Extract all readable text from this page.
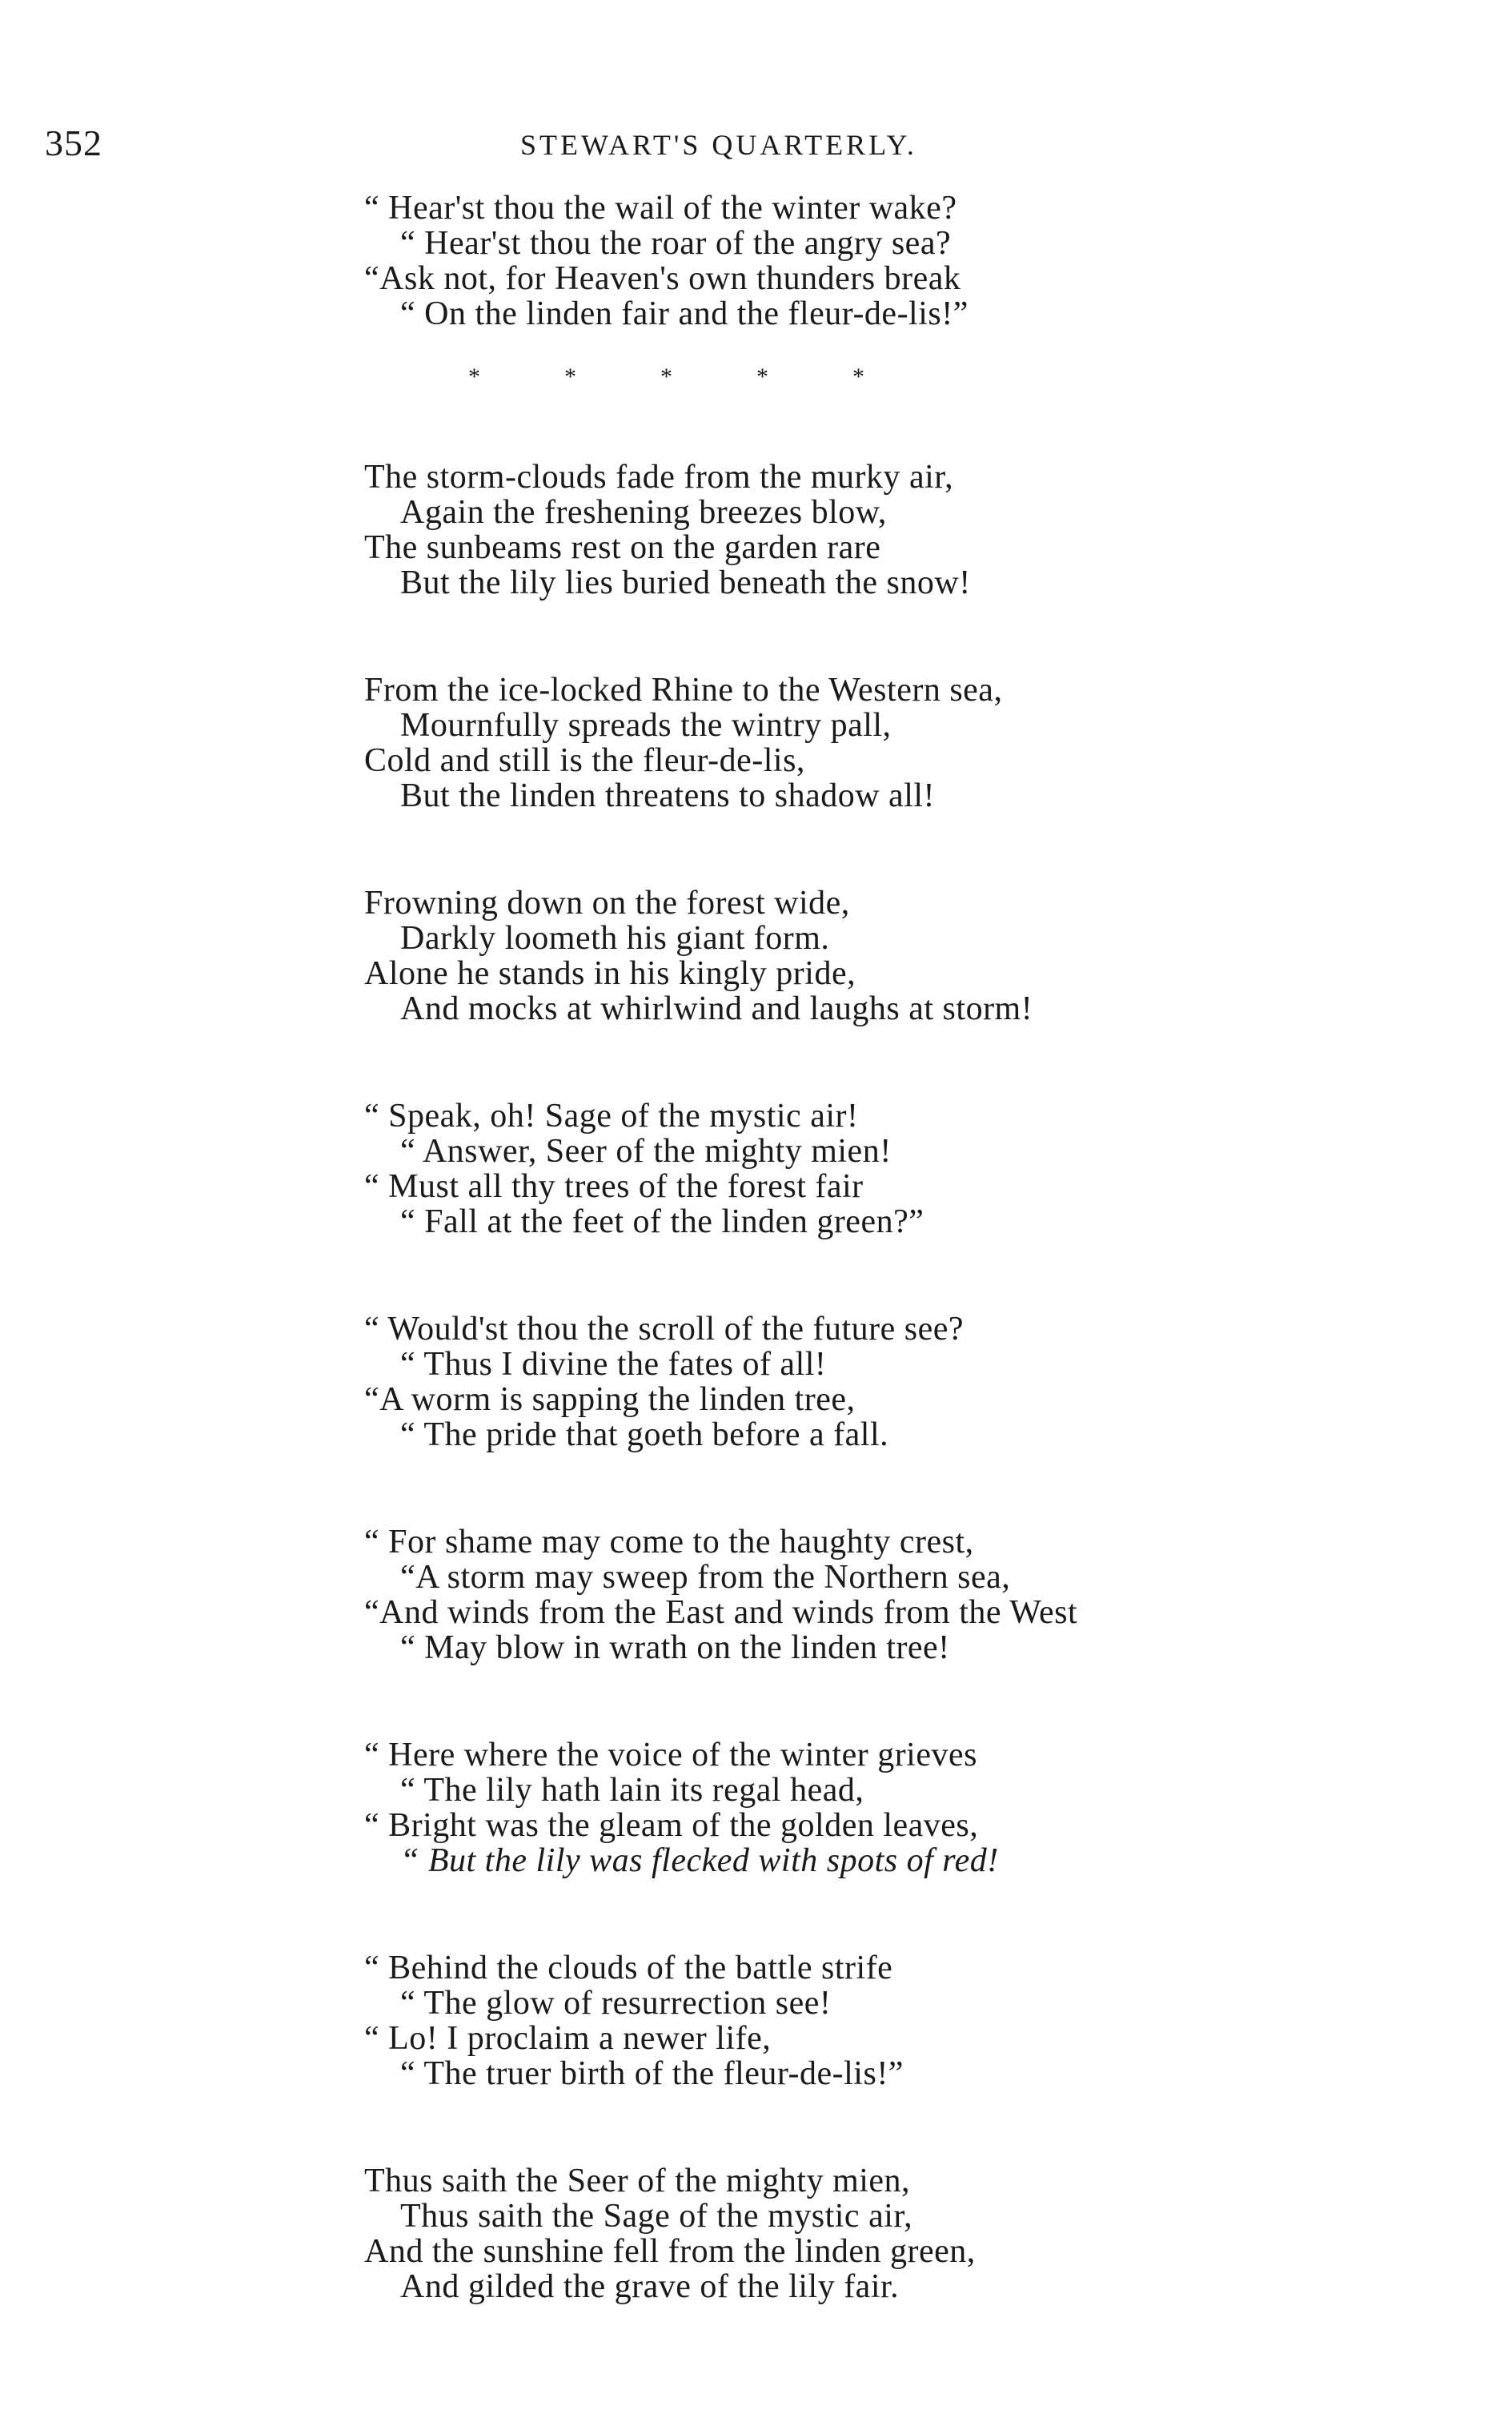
352	STEWART'S QUARTERLY.
“ Hear'st thou the wail of the winter wake?
“ Hear'st thou the roar of the angry sea?
“Ask not, for Heaven's own thunders break
“ On the linden fair and the fleur-de-lis!”
*	*	*	*	*
The storm-clouds fade from the murky air,
Again the freshening breezes blow,
The sunbeams rest on the garden rare
But the lily lies buried beneath the snow!
From the ice-locked Rhine to the Western sea,
Mournfully spreads the wintry pall,
Cold and still is the fleur-de-lis,
But the linden threatens to shadow all!
Frowning down on the forest wide,
Darkly loometh his giant form.
Alone he stands in his kingly pride,
And mocks at whirlwind and laughs at storm!
“ Speak, oh! Sage of the mystic air!
“ Answer, Seer of the mighty mien!
“ Must all thy trees of the forest fair
“ Fall at the feet of the linden green?”
“ Would'st thou the scroll of the future see?
“ Thus I divine the fates of all!
“A worm is sapping the linden tree,
“ The pride that goeth before a fall.
“ For shame may come to the haughty crest,
“A storm may sweep from the Northern sea,
“And winds from the East and winds from the West
“ May blow in wrath on the linden tree!
“ Here where the voice of the winter grieves
“ The lily hath lain its regal head,
“ Bright was the gleam of the golden leaves,
“ But the lily was flecked with spots of red!
“ Behind the clouds of the battle strife
“ The glow of resurrection see!
“ Lo! I proclaim a newer life,
“ The truer birth of the fleur-de-lis!”
Thus saith the Seer of the mighty mien,
Thus saith the Sage of the mystic air,
And the sunshine fell from the linden green,
And gilded the grave of the lily fair.
